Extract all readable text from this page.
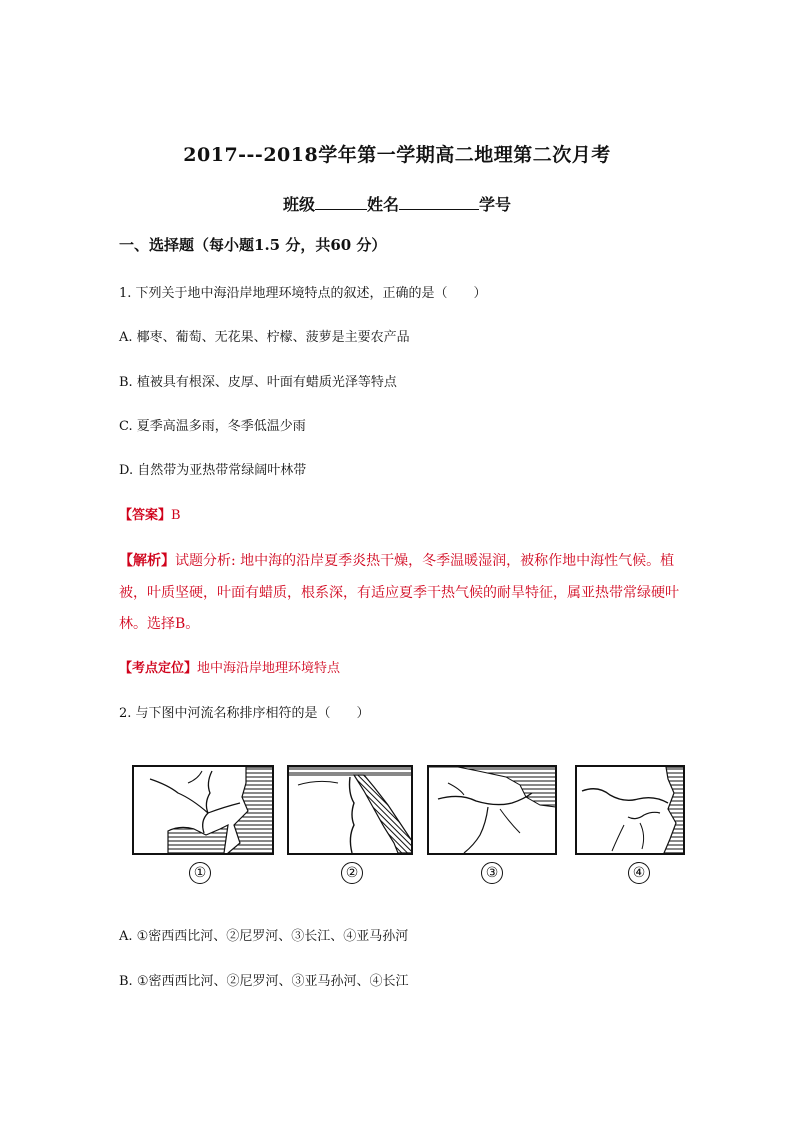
2017---2018学年第一学期高二地理第二次月考
班级	姓名	学号
一、选择题（每小题1.5 分，共60 分）
1. 下列关于地中海沿岸地理环境特点的叙述，正确的是（　　）
A. 椰枣、葡萄、无花果、柠檬、菠萝是主要农产品
B. 植被具有根深、皮厚、叶面有蜡质光泽等特点
C. 夏季高温多雨，冬季低温少雨
D. 自然带为亚热带常绿阔叶林带
【答案】B
【解析】试题分析: 地中海的沿岸夏季炎热干燥，冬季温暖湿润，被称作地中海性气候。植
被，叶质坚硬，叶面有蜡质，根系深，有适应夏季干热气候的耐旱特征，属亚热带常绿硬叶
林。选择B。
【考点定位】地中海沿岸地理环境特点
2. 与下图中河流名称排序相符的是（　　）
①	②	③	④
A. ①密西西比河、②尼罗河、③长江、④亚马孙河
B. ①密西西比河、②尼罗河、③亚马孙河、④长江
